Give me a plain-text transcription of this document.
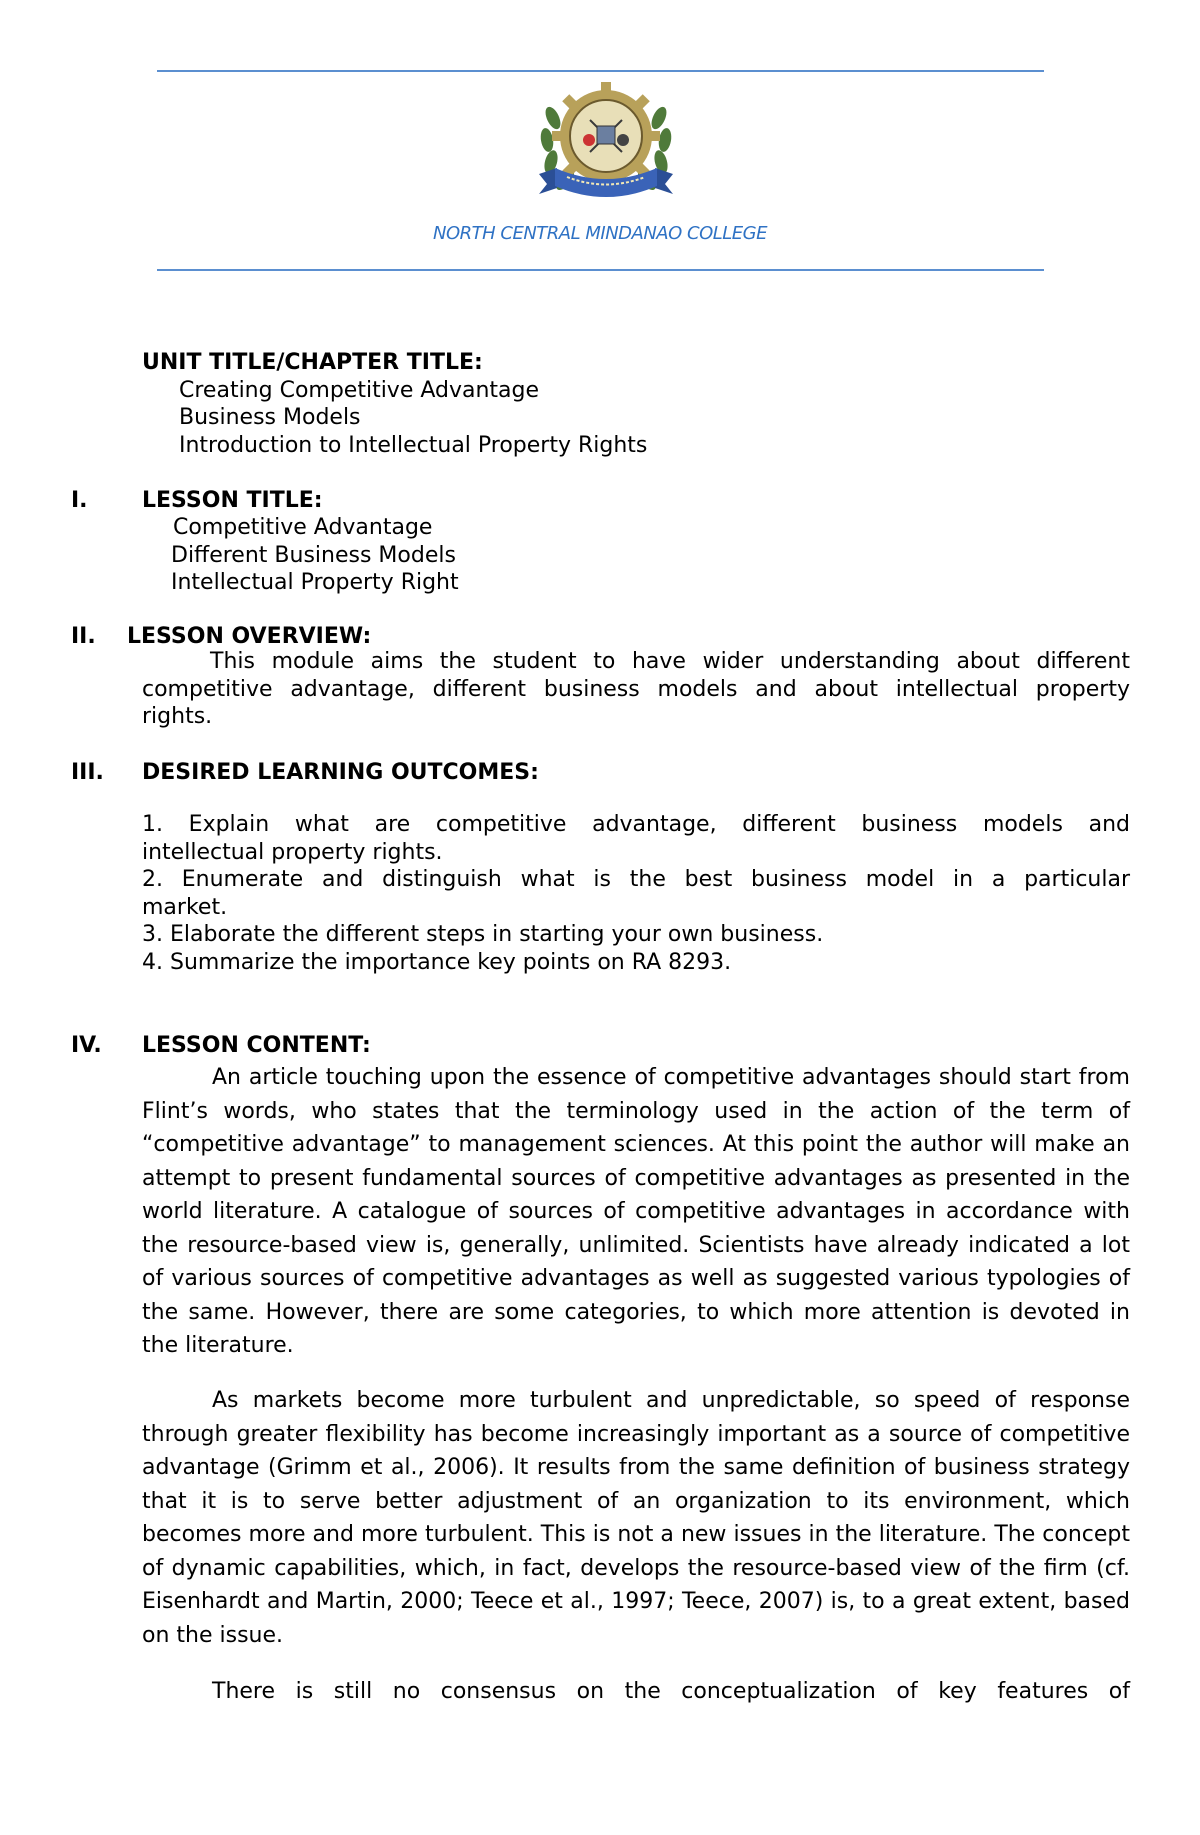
NORTH CENTRAL MINDANAO COLLEGE
UNIT TITLE/CHAPTER TITLE:
Creating Competitive Advantage
Business Models
Introduction to Intellectual Property Rights
I. LESSON TITLE:
Competitive Advantage
Different Business Models
Intellectual Property Right
II. LESSON OVERVIEW:
This module aims the student to have wider understanding about different
competitive advantage, different business models and about intellectual property
rights.
III. DESIRED LEARNING OUTCOMES:
1. Explain what are competitive advantage, different business models and
intellectual property rights.
2. Enumerate and distinguish what is the best business model in a particular
market.
3. Elaborate the different steps in starting your own business.
4. Summarize the importance key points on RA 8293.
IV. LESSON CONTENT:

An article touching upon the essence of competitive advantages should start from Flint’s words, who states that the terminology used in the action of the term of “competitive advantage” to management sciences. At this point the author will make an attempt to present fundamental sources of competitive advantages as presented in the world literature. A catalogue of sources of competitive advantages in accordance with the resource-based view is, generally, unlimited. Scientists have already indicated a lot of various sources of competitive advantages as well as suggested various typologies of the same. However, there are some categories, to which more attention is devoted in the literature.

As markets become more turbulent and unpredictable, so speed of response through greater flexibility has become increasingly important as a source of competitive advantage (Grimm et al., 2006). It results from the same definition of business strategy that it is to serve better adjustment of an organization to its environment, which becomes more and more turbulent. This is not a new issues in the literature. The concept of dynamic capabilities, which, in fact, develops the resource-based view of the firm (cf. Eisenhardt and Martin, 2000; Teece et al., 1997; Teece, 2007) is, to a great extent, based on the issue.

There is still no consensus on the conceptualization of key features of
